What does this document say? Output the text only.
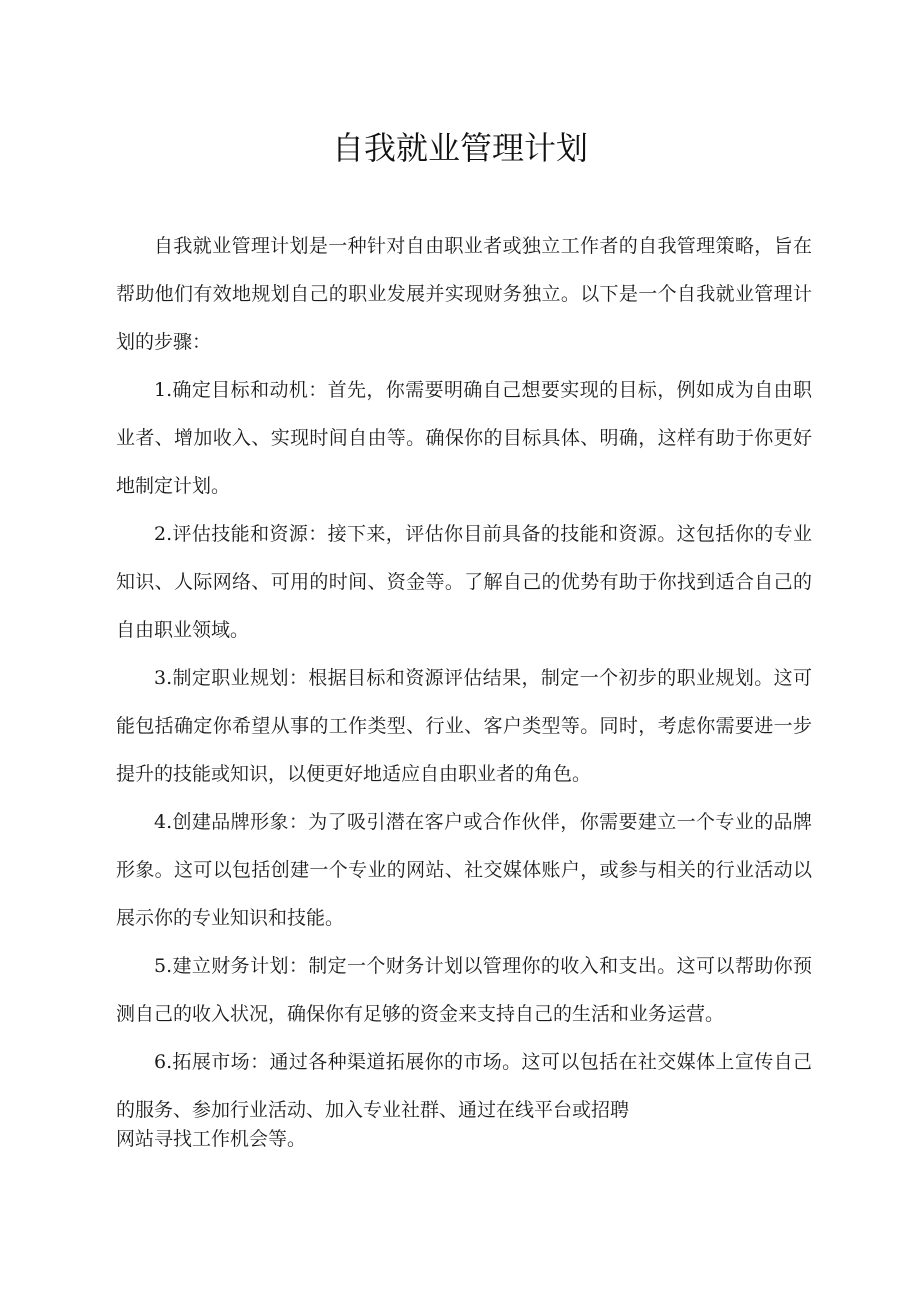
自我就业管理计划

自我就业管理计划是一种针对自由职业者或独立工作者的自我管理策略，旨在帮助他们有效地规划自己的职业发展并实现财务独立。以下是一个自我就业管理计划的步骤：

1.确定目标和动机：首先，你需要明确自己想要实现的目标，例如成为自由职业者、增加收入、实现时间自由等。确保你的目标具体、明确，这样有助于你更好地制定计划。

2.评估技能和资源：接下来，评估你目前具备的技能和资源。这包括你的专业知识、人际网络、可用的时间、资金等。了解自己的优势有助于你找到适合自己的自由职业领域。

3.制定职业规划：根据目标和资源评估结果，制定一个初步的职业规划。这可能包括确定你希望从事的工作类型、行业、客户类型等。同时，考虑你需要进一步提升的技能或知识，以便更好地适应自由职业者的角色。

4.创建品牌形象：为了吸引潜在客户或合作伙伴，你需要建立一个专业的品牌形象。这可以包括创建一个专业的网站、社交媒体账户，或参与相关的行业活动以展示你的专业知识和技能。

5.建立财务计划：制定一个财务计划以管理你的收入和支出。这可以帮助你预测自己的收入状况，确保你有足够的资金来支持自己的生活和业务运营。

6.拓展市场：通过各种渠道拓展你的市场。这可以包括在社交媒体上宣传自己的服务、参加行业活动、加入专业社群、通过在线平台或招聘

网站寻找工作机会等。
